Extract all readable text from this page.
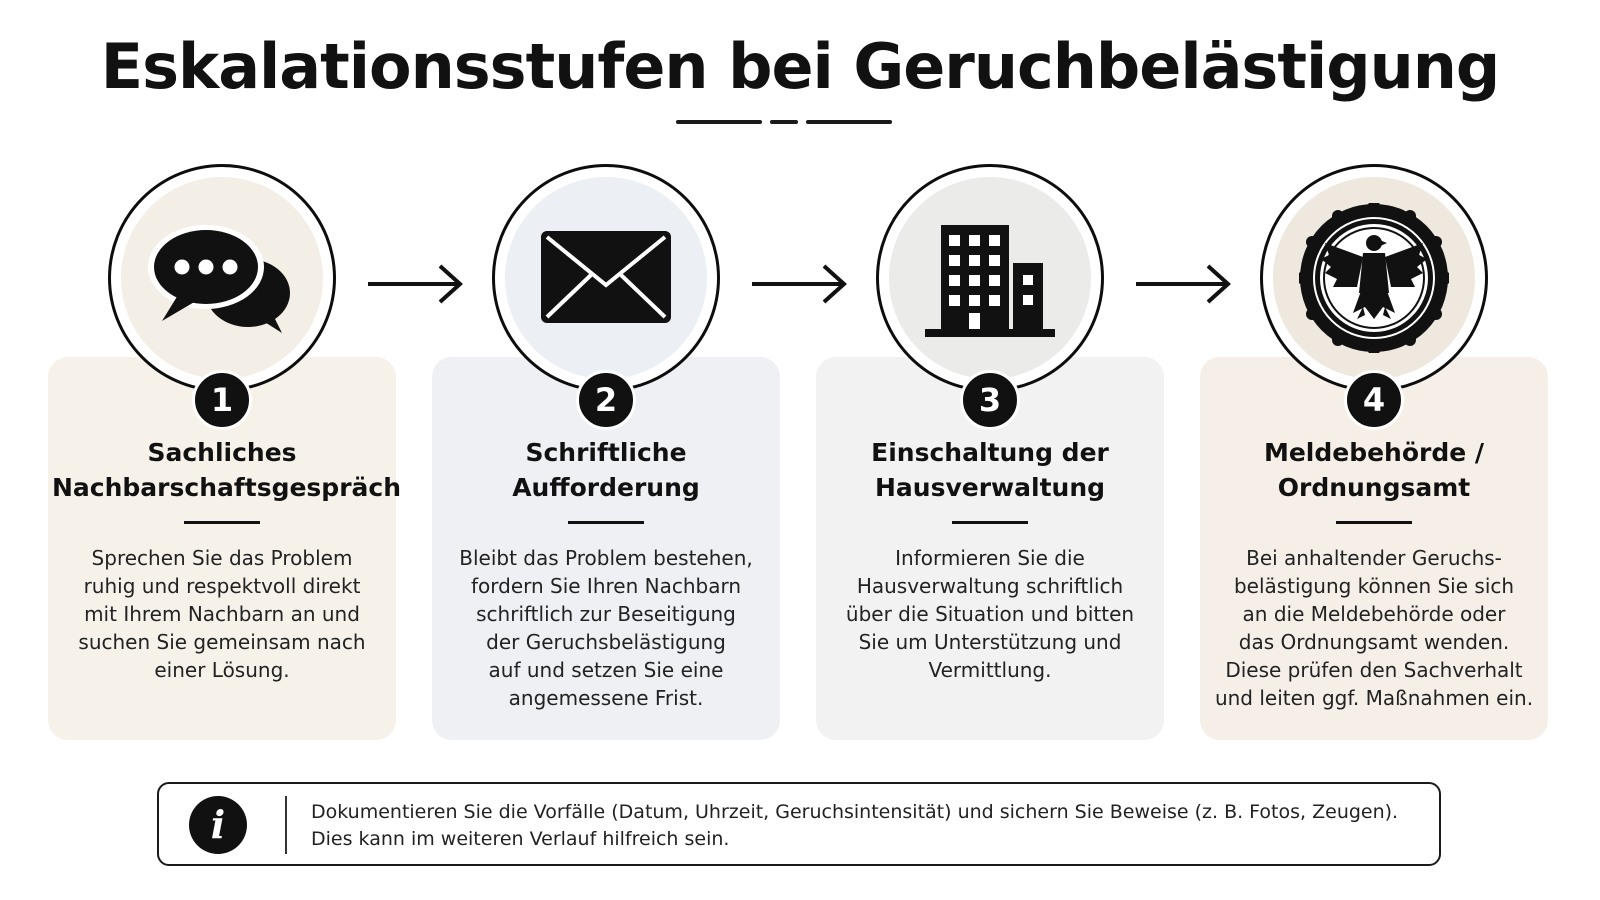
Eskalationsstufen bei Geruchbelästigung
Sachliches
Nachbarschaftsgespräch
Sprechen Sie das Problem
ruhig und respektvoll direkt
mit Ihrem Nachbarn an und
suchen Sie gemeinsam nach
einer Lösung.
Schriftliche
Aufforderung
Bleibt das Problem bestehen,
fordern Sie Ihren Nachbarn
schriftlich zur Beseitigung
der Geruchsbelästigung
auf und setzen Sie eine
angemessene Frist.
Einschaltung der
Hausverwaltung
Informieren Sie die
Hausverwaltung schriftlich
über die Situation und bitten
Sie um Unterstützung und
Vermittlung.
Meldebehörde /
Ordnungsamt
Bei anhaltender Geruchs-
belästigung können Sie sich
an die Meldebehörde oder
das Ordnungsamt wenden.
Diese prüfen den Sachverhalt
und leiten ggf. Maßnahmen ein.
1	2	3	4
i	Dokumentieren Sie die Vorfälle (Datum, Uhrzeit, Geruchsintensität) und sichern Sie Beweise (z. B. Fotos, Zeugen).
Dies kann im weiteren Verlauf hilfreich sein.
